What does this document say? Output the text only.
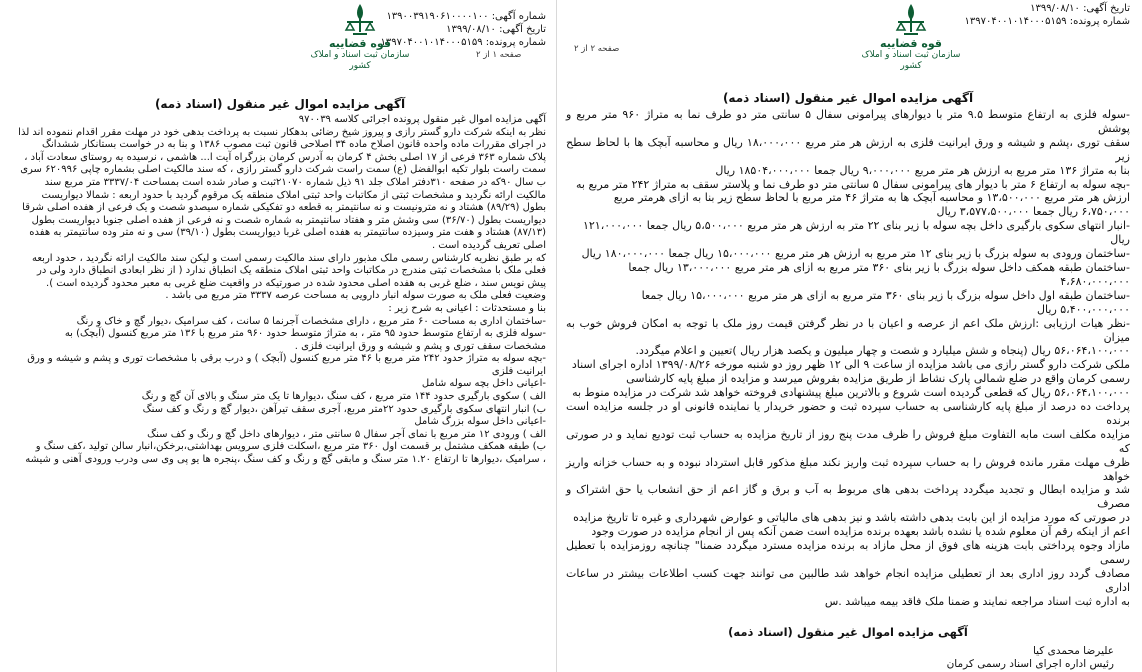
شماره آگهی: ۱۳۹۰۰۳۹۱۹۰۶۱۰۰۰۰۱۰۰
تاریخ آگهی: ۱۳۹۹/۰۸/۱۰
شماره پرونده: ۱۳۹۷۰۴۰۰۱۰۱۴۰۰۰۵۱۵۹
قوه قضاییه
سازمان ثبت اسناد و املاک کشور
صفحه ۱ از ۲
آگهی مزایده اموال غیر منقول (اسناد ذمه)
آگهی مزایده اموال غیر منقول پرونده اجرائی کلاسه ۹۷۰۰۳۹

نظر به اینکه شرکت دارو گستر رازی و پیروز شیخ رضائی بدهکار نسبت به پرداخت بدهی خود در مهلت مقرر اقدام ننموده اند لذا

در اجرای مقررات ماده واحده قانون اصلاح ماده ۳۴ اصلاحی قانون ثبت مصوب ۱۳۸۶ و بنا به در خواست بستانکار ششدانگ

پلاک شماره ۳۶۳ فرعی از ۱۷ اصلی بخش ۴ کرمان به آدرس کرمان بزرگراه آیت ا... هاشمی ، نرسیده به روستای سعادت آباد ،

سمت راست بلوار تکیه ابوالفضل (ع) سمت راست شرکت دارو گستر رازی ، که سند مالکیت اصلی بشماره چاپی ۶۲۰۹۹۶ سری

ب سال ۹۰که در صفحه ۳۱۰دفتر املاک جلد ۹۱ ذیل شماره ۲۱۰۷۰ثبت و صادر شده است بمساحت ۳۳۳۷/۰۴ متر مربع سند

مالکیت ارائه نگردید و مشخصات ثبتی از مکاتبات واحد ثبتی املاک منطقه یک مرقوم گردید با حدود اربعه : شمالا دیواریست

بطول (۸۹/۲۹) هشتاد و نه مترونیست و نه سانتیمتر به قطعه دو تفکیکی شماره سیصدو شصت و یک فرعی از هفده اصلی شرقا

دیواریست بطول (۳۶/۷۰) سی وشش متر و هفتاد سانتیمتر به شماره شصت و نه فرعی از هفده اصلی جنوبا دیواریست بطول

(۸۷/۱۳) هشتاد و هفت متر وسیزده سانتیمتر به هفده اصلی غربا دیواریست بطول (۳۹/۱۰) سی و نه متر وده سانتیمتر به هفده

اصلی تعریف گردیده است .

که بر طبق نظریه کارشناس رسمی ملک مذبور دارای سند مالکیت رسمی است و لیکن سند مالکیت ارائه نگردید ، حدود اربعه

فعلی ملک با مشخصات ثبتی مندرج در مکاتبات واحد ثبتی املاک منطقه یک انطباق ندارد ( از نظر ابعادی انطباق دارد ولی در

پیش نویس سند ، ضلع غربی به هفده اصلی محدود شده در صورتیکه در واقعیت ضلع غربی به معبر محدود گردیده است ).

وضعیت فعلی ملک به صورت سوله انبار دارویی به مساحت عرصه ۳۳۳۷ متر مربع می باشد .

بنا و مستحدثات : اعیانی به شرح زیر :

-ساختمان اداری به مساحت ۶۰ متر مربع ، دارای مشخصات آجرنما ۵ سانت ، کف سرامیک ،دیوار گچ و خاک و رنگ

-سوله فلزی به ارتفاع متوسط حدود ۹۵ متر ، به متراژ متوسط حدود ۹۶۰ متر مربع با ۱۳۶ متر مربع کنسول (آبچک) به

مشخصات سقف توری و پشم و شیشه و ورق ایرانیت فلزی .

-بچه سوله به متراژ حدود ۲۴۲ متر مربع با ۴۶ متر مربع کنسول (آبچک ) و درب برقی با مشخصات توری و پشم و شیشه و ورق

ایرانیت فلزی

-اعیانی داخل بچه سوله شامل

الف ) سکوی بارگیری حدود ۱۴۴ متر مربع ، کف سنگ ،دیوارها تا یک متر سنگ و بالای آن گچ و رنگ

ب) انبار انتهای سکوی بارگیری حدود ۲۲متر مربع، آجری سقف تیرآهن ،دیوار گچ و رنگ و کف سنگ

-اعیانی داخل سوله بزرگ شامل

الف ) ورودی ۱۲ متر مربع با نمای آجر سفال ۵ سانتی متر ، دیوارهای داخل گچ و رنگ و کف سنگ

ب) طبقه همکف مشتمل بر قسمت اول ۳۶۰ متر مربع ،اسکلت فلزی سرویس بهداشتی،برخکن،انبار سالن تولید ،کف سنگ و

، سرامیک ،دیوارها تا ارتفاع ۱.۲۰ متر سنگ و مابقی گچ و رنگ و کف سنگ ،پنجره ها یو پی وی سی ودرب ورودی آهنی و شیشه

تاریخ آگهی: ۱۳۹۹/۰۸/۱۰
شماره پرونده: ۱۳۹۷۰۴۰۰۱۰۱۴۰۰۰۵۱۵۹
قوه قضاییه
سازمان ثبت اسناد و املاک کشور
صفحه ۲ از ۲
آگهی مزایده اموال غیر منقول (اسناد ذمه)

-سوله فلزی به ارتفاع متوسط ۹.۵ متر با دیوارهای پیرامونی سفال ۵ سانتی متر دو طرف نما به متراژ ۹۶۰ متر مربع و پوشش

سقف توری ،پشم و شیشه و ورق ایرانیت فلزی به ارزش هر متر مربع ۱۸،۰۰۰،۰۰۰ ریال و محاسبه آبچک ها با لحاظ سطح زیر

بنا به متراژ ۱۳۶ متر مربع به ارزش هر متر مربع ۹،۰۰۰،۰۰۰ ریال جمعا ۱۸۵۰۴،۰۰۰،۰۰۰ ریال

-بچه سوله به ارتفاع ۶ متر با دیوار های پیرامونی سفال ۵ سانتی متر دو طرف نما و پلاستر سقف به متراژ ۲۴۲ متر مربع به

ارزش هر متر مربع ۱۳،۵۰۰،۰۰۰ و محاسبه آبچک ها به متراژ ۴۶ متر مربع با لحاظ سطح زیر بنا به ازای هرمتر مربع

۶،۷۵۰،۰۰۰ ریال جمعا ۳،۵۷۷،۵۰۰،۰۰۰ ریال

-انبار انتهای سکوی بارگیری داخل بچه سوله با زیر بنای ۲۲ متر به ارزش هر متر مربع ۵،۵۰۰،۰۰۰ ریال جمعا ۱۲۱،۰۰۰،۰۰۰

ریال

-ساختمان ورودی به سوله بزرگ با زیر بنای ۱۲ متر مربع به ارزش هر متر مربع ۱۵،۰۰۰،۰۰۰ ریال جمعا ۱۸۰،۰۰۰،۰۰۰ ریال

-ساختمان طبقه همکف داخل سوله بزرگ با زیر بنای ۳۶۰ متر مربع به ازای هر متر مربع ۱۳،۰۰۰،۰۰۰ ریال جمعا

۴،۶۸۰،۰۰۰،۰۰۰

-ساختمان طبقه اول داخل سوله بزرگ با زیر بنای ۳۶۰ متر مربع به ازای هر متر مربع ۱۵،۰۰۰،۰۰۰ ریال جمعا

۵،۴۰۰،۰۰۰،۰۰۰ ریال

-نظر هیات ارزیابی :ارزش ملک اعم از عرصه و اعیان با در نظر گرفتن قیمت روز ملک با توجه به امکان فروش خوب به میزان

۵۶،۰۶۴،۱۰۰،۰۰۰ ریال (پنجاه و شش میلیارد و شصت و چهار میلیون و یکصد هزار ریال )تعیین و اعلام میگردد.

ملکی شرکت دارو گستر رازی می باشد مزایده از ساعت ۹ الی ۱۲ ظهر روز دو شنبه مورخه ۱۳۹۹/۰۸/۲۶ اداره اجرای اسناد

رسمی کرمان واقع در ضلع شمالی پارک نشاط از طریق مزایده بفروش میرسد و مزایده از مبلغ پایه کارشناسی

۵۶،۰۶۴،۱۰۰،۰۰۰ ریال که قطعی گردیده است شروع و بالاترین مبلغ پیشنهادی فروخته خواهد شد شرکت در مزایده منوط به

پرداخت ده درصد از مبلغ پایه کارشناسی به حساب سپرده ثبت و حضور خریدار یا نماینده قانونی او در جلسه مزایده است برنده

مزایده مکلف است مابه التفاوت مبلغ فروش را ظرف مدت پنج روز از تاریخ مزایده به حساب ثبت تودیع نماید و در صورتی که

ظرف مهلت مقرر مانده فروش را به حساب سپرده ثبت واریز نکند مبلغ مذکور قابل استرداد نبوده و به حساب خزانه واریز خواهد

شد و مزایده ابطال و تجدید میگردد پرداخت بدهی های مربوط به آب و برق و گاز اعم از حق انشعاب یا حق اشتراک و مصرف

در صورتی که مورد مزایده از این بابت بدهی داشته باشد و نیز بدهی های مالیاتی و عوارض شهرداری و غیره تا تاریخ مزایده

اعم از اینکه رقم آن معلوم شده یا نشده باشد بعهده برنده مزایده است ضمن آنکه پس از انجام مزایده در صورت وجود

مازاد وجوه پرداختی بابت هزینه های فوق از محل مازاد به برنده مزایده مسترد میگردد ضمنا" چنانچه روزمزایده با تعطیل رسمی

مصادف گردد روز اداری بعد از تعطیلی مزایده انجام خواهد شد طالبین می توانند جهت کسب اطلاعات بیشتر در ساعات اداری

به اداره ثبت اسناد مراجعه نمایند و ضمنا ملک فاقد بیمه میباشد .س

آگهی مزایده اموال غیر منقول (اسناد ذمه)
علیرضا محمدی کیا
رئیس اداره اجرای اسناد رسمی کرمان
